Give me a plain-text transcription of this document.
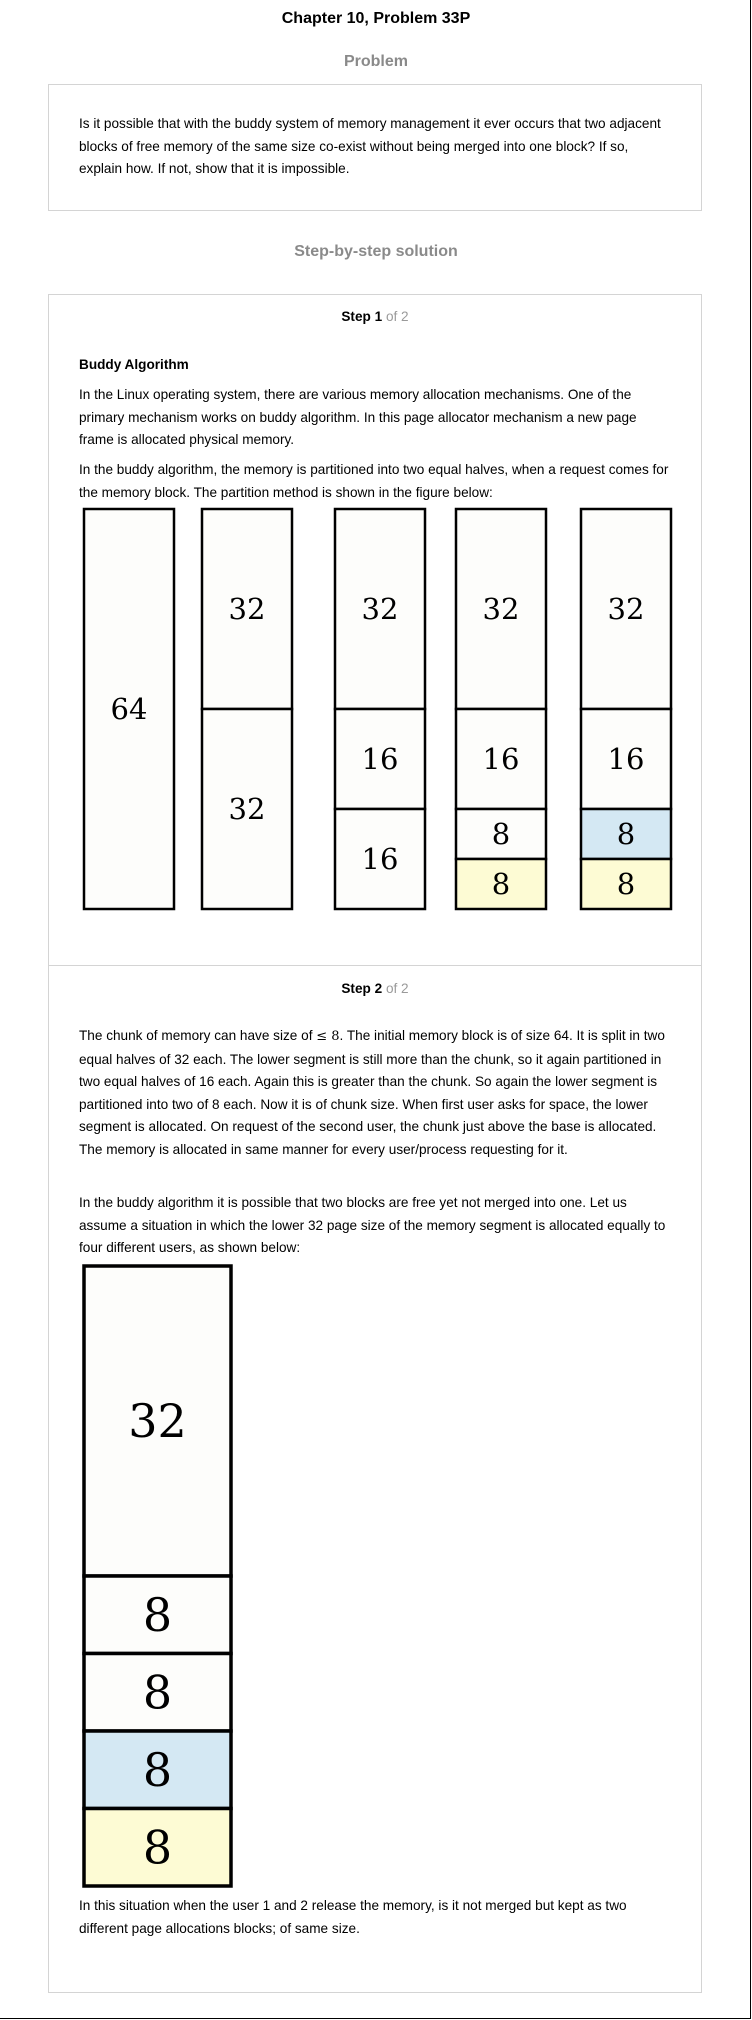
Chapter 10, Problem 33P
Problem

Is it possible that with the buddy system of memory management it ever occurs that two adjacent blocks of free memory of the same size co-exist without being merged into one block? If so, explain how. If not, show that it is impossible.

Step-by-step solution
Step 1 of 2
Buddy Algorithm

In the Linux operating system, there are various memory allocation mechanisms. One of the primary mechanism works on buddy algorithm. In this page allocator mechanism a new page frame is allocated physical memory.

In the buddy algorithm, the memory is partitioned into two equal halves, when a request comes for the memory block. The partition method is shown in the figure below:

64
32
32
32
16
16
32
16
8
8
32
16
8
8
Step 2 of 2

The chunk of memory can have size of ≤ 8. The initial memory block is of size 64. It is split in two equal halves of 32 each. The lower segment is still more than the chunk, so it again partitioned in two equal halves of 16 each. Again this is greater than the chunk. So again the lower segment is partitioned into two of 8 each. Now it is of chunk size. When first user asks for space, the lower segment is allocated. On request of the second user, the chunk just above the base is allocated. The memory is allocated in same manner for every user/process requesting for it.

In the buddy algorithm it is possible that two blocks are free yet not merged into one. Let us assume a situation in which the lower 32 page size of the memory segment is allocated equally to four different users, as shown below:

32
8
8
8
8

In this situation when the user 1 and 2 release the memory, is it not merged but kept as two different page allocations blocks; of same size.
